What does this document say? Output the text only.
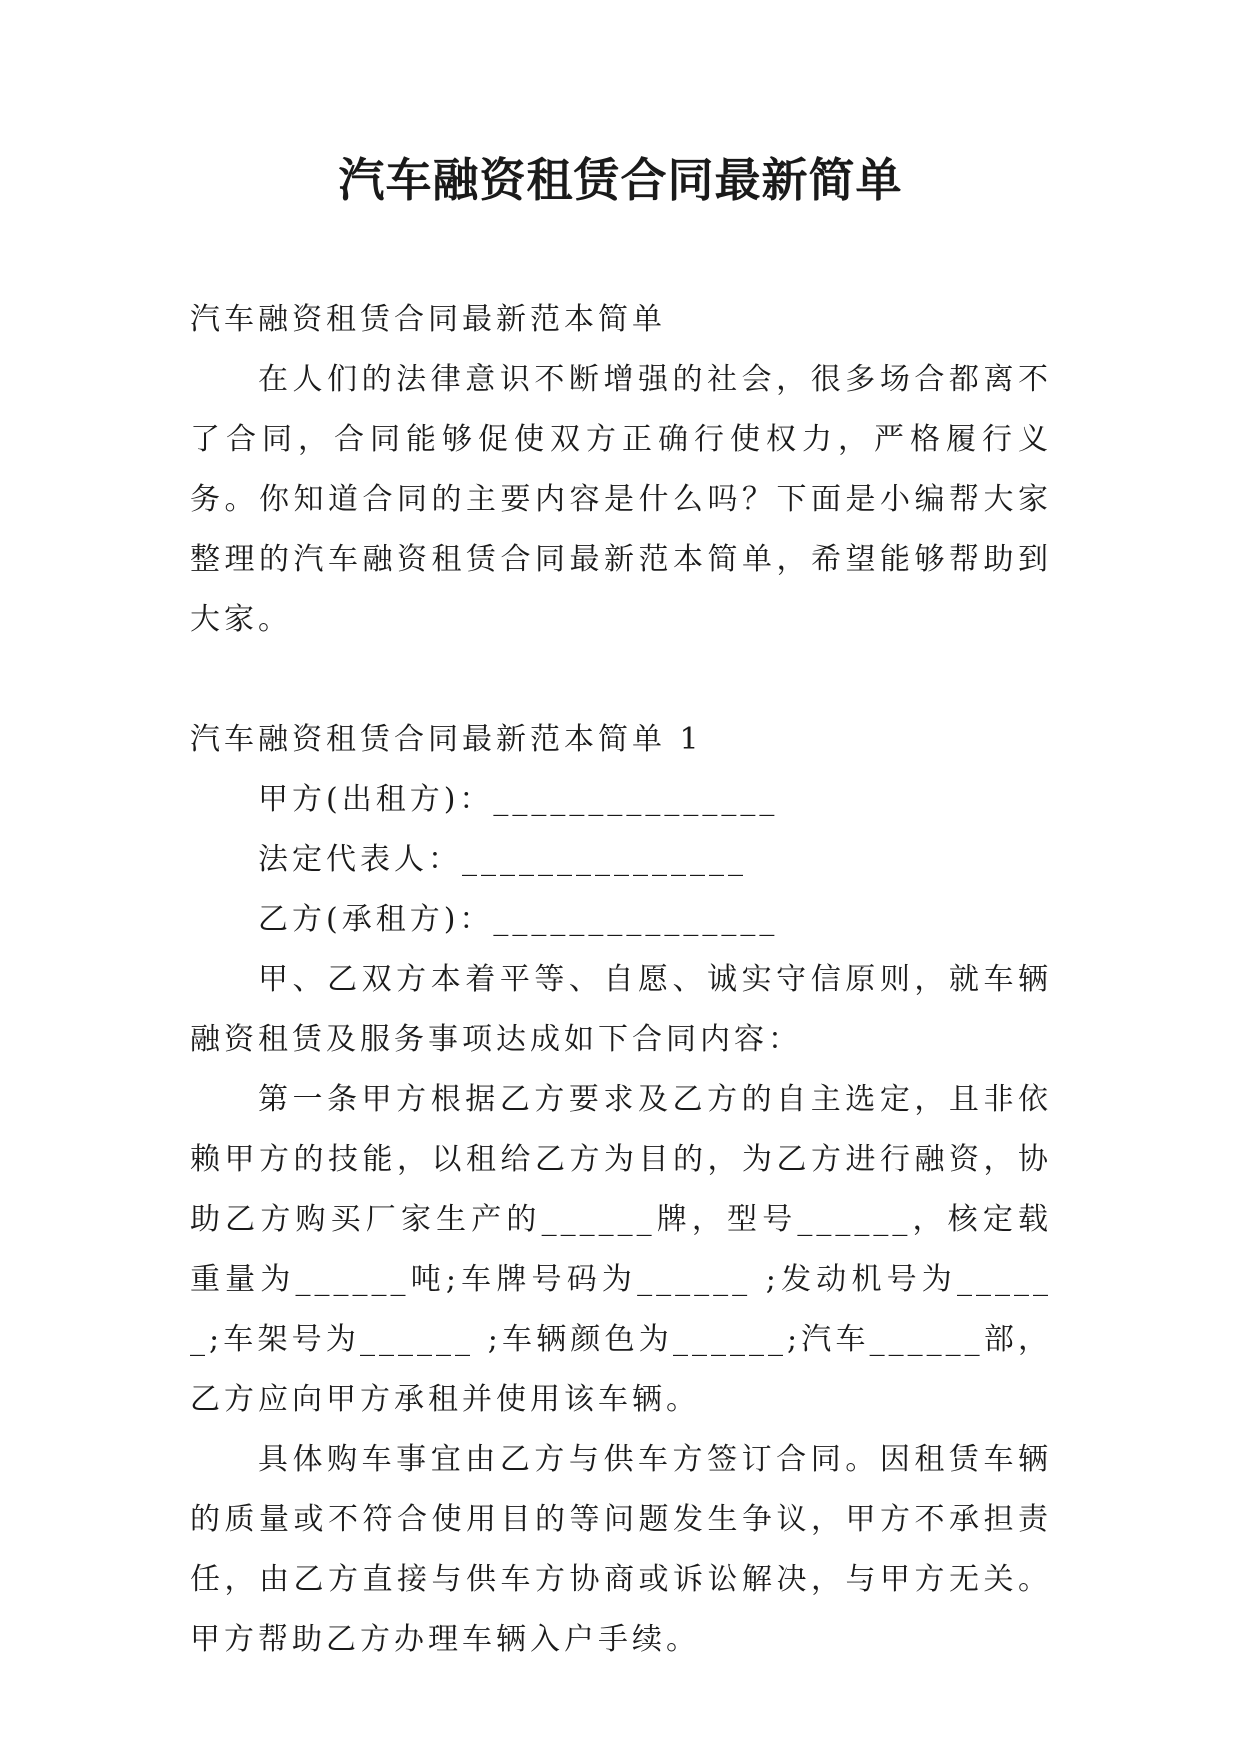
汽车融资租赁合同最新简单

汽车融资租赁合同最新范本简单

在人们的法律意识不断增强的社会，很多场合都离不了合同，合同能够促使双方正确行使权力，严格履行义务。你知道合同的主要内容是什么吗？下面是小编帮大家整理的汽车融资租赁合同最新范本简单，希望能够帮助到大家。

汽车融资租赁合同最新范本简单 1

甲方(出租方)：_______________

法定代表人：_______________

乙方(承租方)：_______________

甲、乙双方本着平等、自愿、诚实守信原则，就车辆融资租赁及服务事项达成如下合同内容：

第一条甲方根据乙方要求及乙方的自主选定，且非依赖甲方的技能，以租给乙方为目的，为乙方进行融资，协助乙方购买厂家生产的______牌，型号______，核定载重量为______吨;车牌号码为______ ;发动机号为______;车架号为______ ;车辆颜色为______;汽车______部，乙方应向甲方承租并使用该车辆。

具体购车事宜由乙方与供车方签订合同。因租赁车辆的质量或不符合使用目的等问题发生争议，甲方不承担责任，由乙方直接与供车方协商或诉讼解决，与甲方无关。甲方帮助乙方办理车辆入户手续。
